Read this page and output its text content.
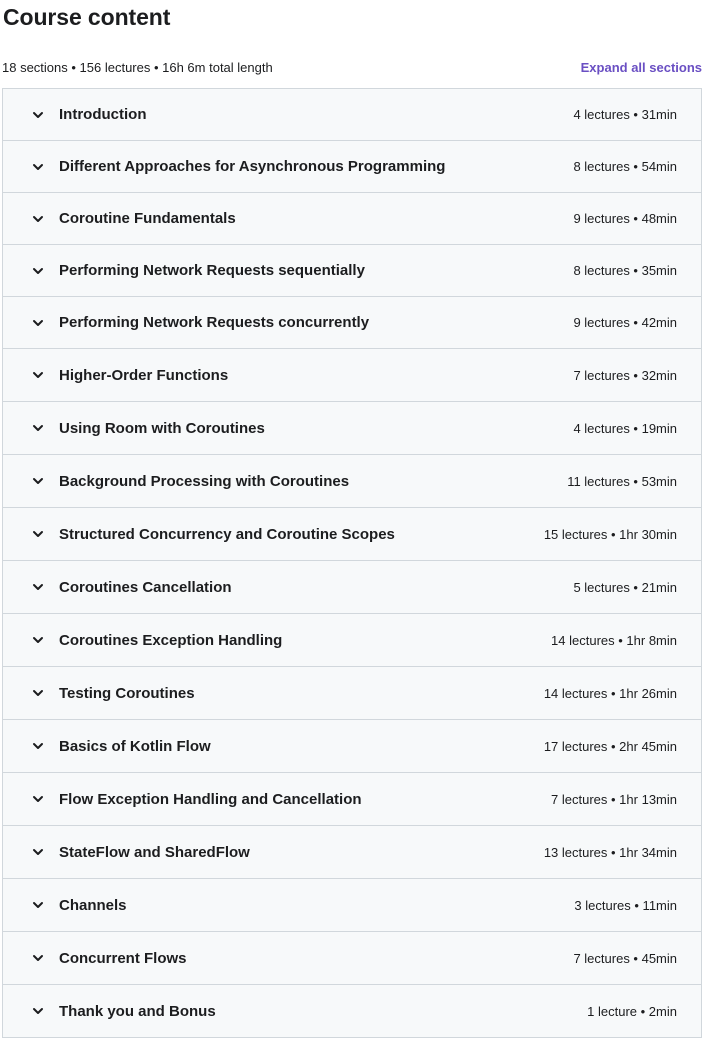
Course content
18 sections • 156 lectures • 16h 6m total length	Expand all sections
Introduction	4 lectures • 31min
Different Approaches for Asynchronous Programming	8 lectures • 54min
Coroutine Fundamentals	9 lectures • 48min
Performing Network Requests sequentially	8 lectures • 35min
Performing Network Requests concurrently	9 lectures • 42min
Higher-Order Functions	7 lectures • 32min
Using Room with Coroutines	4 lectures • 19min
Background Processing with Coroutines	11 lectures • 53min
Structured Concurrency and Coroutine Scopes	15 lectures • 1hr 30min
Coroutines Cancellation	5 lectures • 21min
Coroutines Exception Handling	14 lectures • 1hr 8min
Testing Coroutines	14 lectures • 1hr 26min
Basics of Kotlin Flow	17 lectures • 2hr 45min
Flow Exception Handling and Cancellation	7 lectures • 1hr 13min
StateFlow and SharedFlow	13 lectures • 1hr 34min
Channels	3 lectures • 11min
Concurrent Flows	7 lectures • 45min
Thank you and Bonus	1 lecture • 2min
